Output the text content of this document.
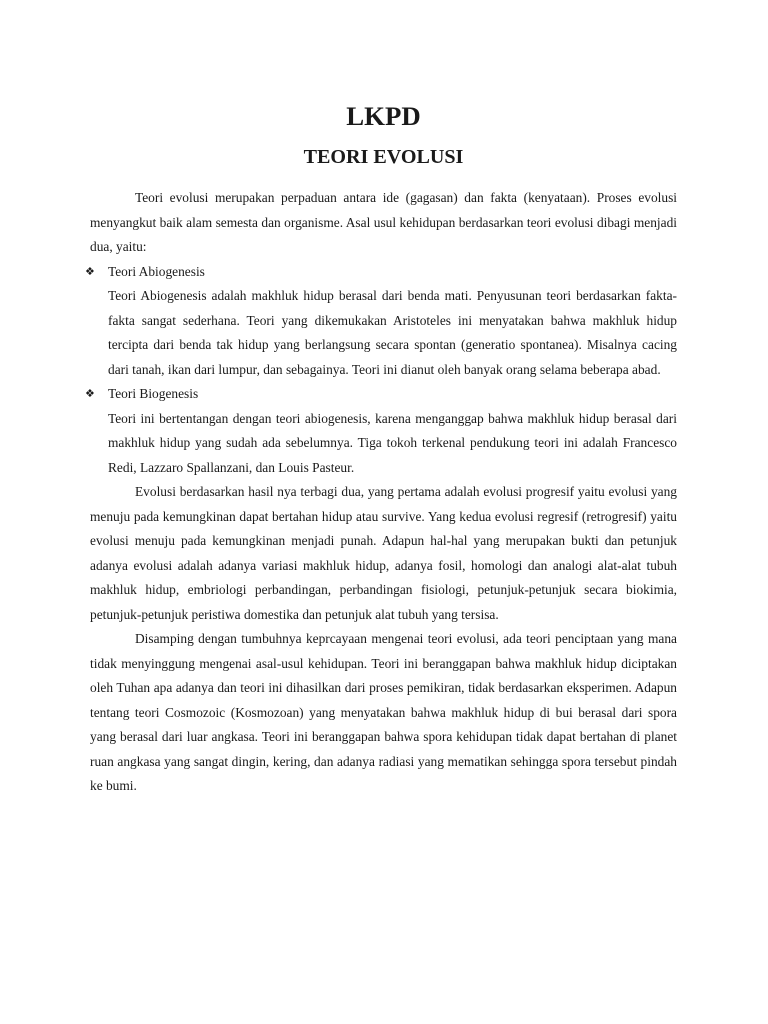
LKPD
TEORI EVOLUSI

Teori evolusi merupakan perpaduan antara ide (gagasan) dan fakta (kenyataan). Proses evolusi menyangkut baik alam semesta dan organisme. Asal usul kehidupan berdasarkan teori evolusi dibagi menjadi dua, yaitu:

❖ Teori Abiogenesis

Teori Abiogenesis adalah makhluk hidup berasal dari benda mati. Penyusunan teori berdasarkan fakta-fakta sangat sederhana. Teori yang dikemukakan Aristoteles ini menyatakan bahwa makhluk hidup tercipta dari benda tak hidup yang berlangsung secara spontan (generatio spontanea). Misalnya cacing dari tanah, ikan dari lumpur, dan sebagainya. Teori ini dianut oleh banyak orang selama beberapa abad.

❖ Teori Biogenesis

Teori ini bertentangan dengan teori abiogenesis, karena menganggap bahwa makhluk hidup berasal dari makhluk hidup yang sudah ada sebelumnya. Tiga tokoh terkenal pendukung teori ini adalah Francesco Redi, Lazzaro Spallanzani, dan Louis Pasteur.

Evolusi berdasarkan hasil nya terbagi dua, yang pertama adalah evolusi progresif yaitu evolusi yang menuju pada kemungkinan dapat bertahan hidup atau survive. Yang kedua evolusi regresif (retrogresif) yaitu evolusi menuju pada kemungkinan menjadi punah. Adapun hal-hal yang merupakan bukti dan petunjuk adanya evolusi adalah adanya variasi makhluk hidup, adanya fosil, homologi dan analogi alat-alat tubuh makhluk hidup, embriologi perbandingan, perbandingan fisiologi, petunjuk-petunjuk secara biokimia, petunjuk-petunjuk peristiwa domestika dan petunjuk alat tubuh yang tersisa.

Disamping dengan tumbuhnya keprcayaan mengenai teori evolusi, ada teori penciptaan yang mana tidak menyinggung mengenai asal-usul kehidupan. Teori ini beranggapan bahwa makhluk hidup diciptakan oleh Tuhan apa adanya dan teori ini dihasilkan dari proses pemikiran, tidak berdasarkan eksperimen. Adapun tentang teori Cosmozoic (Kosmozoan) yang menyatakan bahwa makhluk hidup di bui berasal dari spora yang berasal dari luar angkasa. Teori ini beranggapan bahwa spora kehidupan tidak dapat bertahan di planet ruan angkasa yang sangat dingin, kering, dan adanya radiasi yang mematikan sehingga spora tersebut pindah ke bumi.
